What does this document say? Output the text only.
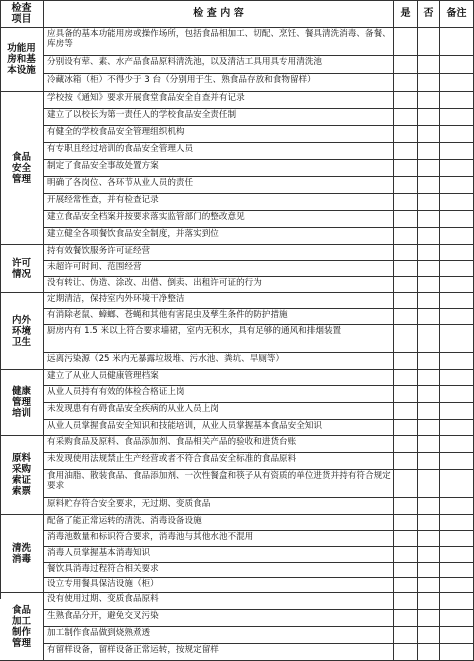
检查
项目	检 查 内 容	是	否	备注
功能用
房和基
本设施
应具备的基本功能用房或操作场所，包括食品相加工、切配、烹饪、餐具清洗消毒、备餐、库房等
分别设有荤、素、水产品食品原料清洗池，以及清洁工具用具专用清洗池
冷藏冰箱（柜）不得少于 3 台（分别用于生、熟食品存放和食物留样）
食品
安全
管理
学校按《通知》要求开展食堂食品安全自查并有记录
建立了以校长为第一责任人的学校食品安全责任制
有健全的学校食品安全管理组织机构
有专职且经过培训的食品安全管理人员
制定了食品安全事故处置方案
明确了各岗位、各环节从业人员的责任
开展经常性查，并有检查记录
建立食品安全档案并按要求落实监管部门的整改意见
建立健全各项餐饮食品安全制度，并落实到位
许可
情况
持有效餐饮服务许可证经营
未超许可时间、范围经营
没有转让、伪造、涂改、出借、倒卖、出租许可证的行为
内外
环境
卫生
定期清洁，保持室内外环境干净整洁
有消除老鼠、蟑螂、苍蝇和其他有害昆虫及孳生条件的防护措施
厨房内有 1.5 米以上符合要求墙裙，室内无积水，具有足够的通风和排烟装置
远离污染源（25 米内无暴露垃圾堆、污水池、粪坑、旱厕等）
健康
管理
培训
建立了从业人员健康管理档案
从业人员持有有效的体检合格证上岗
未发现患有有碍食品安全疾病的从业人员上岗
从业人员掌握食品安全知识和技能培训，从业人员掌握基本食品安全知识
原料
采购
索证
索票
有采购食品及原料、食品添加剂、食品相关产品的验收和进货台账
未发现使用法规禁止生产经营或者不符合食品安全标准的食品原料
食用油脂、散装食品、食品添加剂、一次性餐盒和筷子从有资质的单位进货并持有符合规定要求
原料贮存符合安全要求，无过期、变质食品
清洗
消毒
配备了能正常运转的清洗、消毒设备设施
消毒池数量和标识符合要求，消毒池与其他水池不混用
消毒人员掌握基本消毒知识
餐饮具消毒过程符合相关要求
设立专用餐具保洁设施（柜）
食品
加工
制作
管理
没有使用过期、变质食品原料
生熟食品分开，避免交叉污染
加工制作食品做到烧熟煮透
有留样设备，留样设备正常运转，按规定留样
